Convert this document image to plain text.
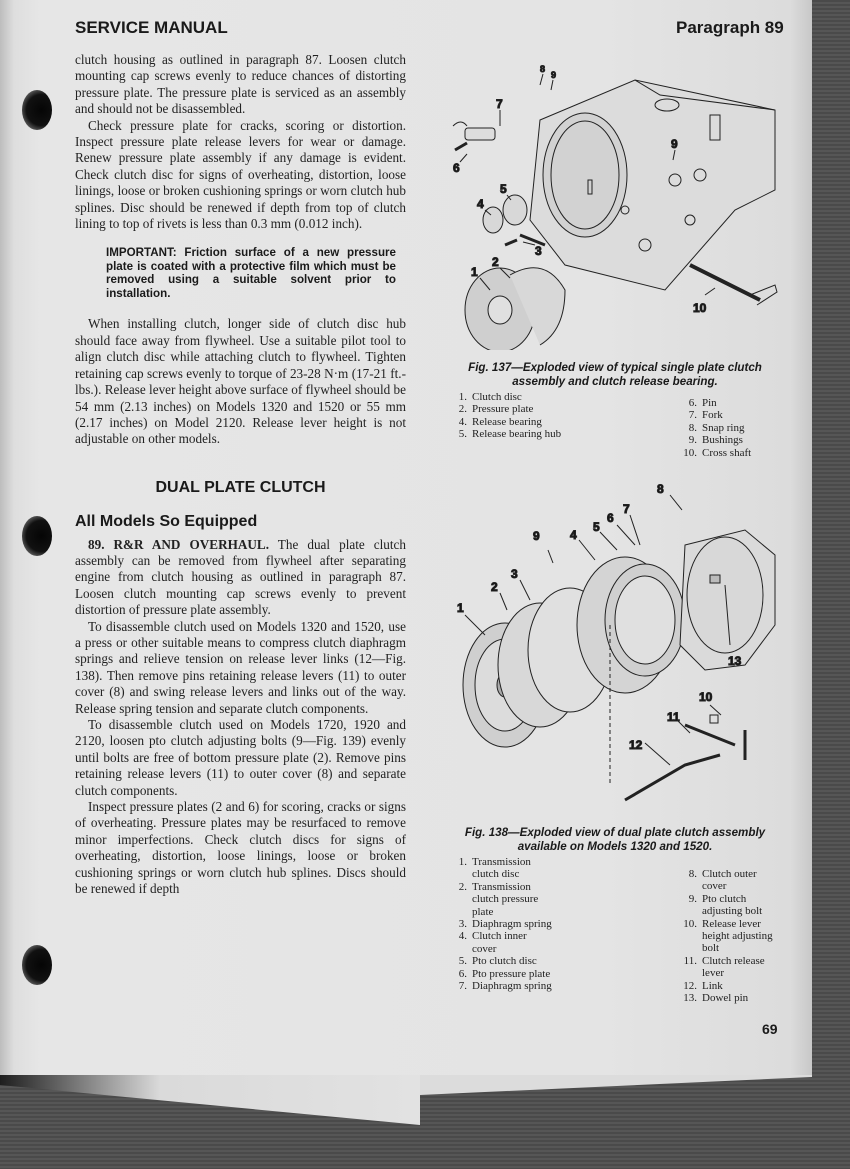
SERVICE MANUAL	Paragraph 89

clutch housing as outlined in paragraph 87. Loosen clutch mounting cap screws evenly to reduce chances of distorting pressure plate. The pressure plate is serviced as an assembly and should not be disassembled.

Check pressure plate for cracks, scoring or distortion. Inspect pressure plate release levers for wear or damage. Renew pressure plate assembly if any damage is evident. Check clutch disc for signs of overheating, distortion, loose linings, loose or broken cushioning springs or worn clutch hub splines. Disc should be renewed if depth from top of clutch lining to top of rivets is less than 0.3 mm (0.012 inch).

IMPORTANT: Friction surface of a new pressure plate is coated with a protective film which must be removed using a suitable solvent prior to installation.

When installing clutch, longer side of clutch disc hub should face away from flywheel. Use a suitable pilot tool to align clutch disc while attaching clutch to flywheel. Tighten retaining cap screws evenly to torque of 23-28 N·m (17-21 ft.-lbs.). Release lever height above surface of flywheel should be 54 mm (2.13 inches) on Models 1320 and 1520 or 55 mm (2.17 inches) on Model 2120. Release lever height is not adjustable on other models.

DUAL PLATE CLUTCH
All Models So Equipped

89. R&R AND OVERHAUL. The dual plate clutch assembly can be removed from flywheel after separating engine from clutch housing as outlined in paragraph 87. Loosen clutch mounting cap screws evenly to prevent distortion of pressure plate assembly.

To disassemble clutch used on Models 1320 and 1520, use a press or other suitable means to compress clutch diaphragm springs and relieve tension on release lever links (12—Fig. 138). Then remove pins retaining release levers (11) to outer cover (8) and swing release levers and links out of the way. Release spring tension and separate clutch components.

To disassemble clutch used on Models 1720, 1920 and 2120, loosen pto clutch adjusting bolts (9—Fig. 139) evenly until bolts are free of bottom pressure plate (2). Remove pins retaining release levers (11) to outer cover (8) and separate clutch components.

Inspect pressure plates (2 and 6) for scoring, cracks or signs of overheating. Pressure plates may be resurfaced to remove minor imperfections. Check clutch discs for signs of overheating, distortion, loose linings, loose or broken cushioning springs or worn clutch hub splines. Discs should be renewed if depth

1
2
3
4
5
6
7
8
9
9
10
Fig. 137—Exploded view of typical single plate clutch assembly and clutch release bearing.
1. Clutch disc
2. Pressure plate
4. Release bearing
5. Release bearing hub
6. Pin
7. Fork
8. Snap ring
9. Bushings
10. Cross shaft
1
2
3
4
5
6
7
8
9
10
11
12
13
Fig. 138—Exploded view of dual plate clutch assembly available on Models 1320 and 1520.
1. Transmission clutch disc
2. Transmission clutch pressure plate
3. Diaphragm spring
4. Clutch inner cover
5. Pto clutch disc
6. Pto pressure plate
7. Diaphragm spring
8. Clutch outer cover
9. Pto clutch adjusting bolt
10. Release lever height adjusting bolt
11. Clutch release lever
12. Link
13. Dowel pin
69
